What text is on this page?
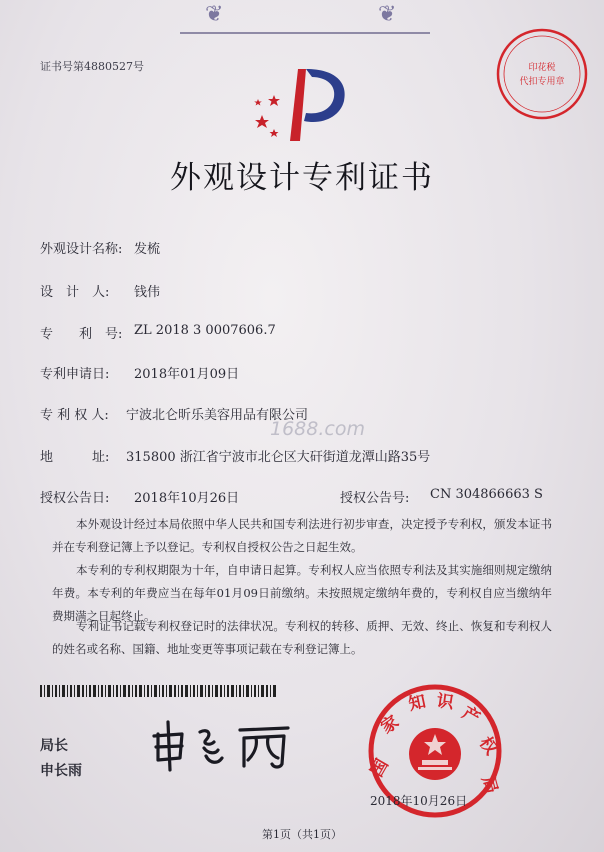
❦	❦
证书号第4880527号	印花税
代扣专用章
外观设计专利证书
外观设计名称: 发梳
设　计　人: 钱伟
专　　利　号: ZL 2018 3 0007606.7
专利申请日: 2018年01月09日
专 利 权 人: 宁波北仑昕乐美容用品有限公司
1688.com
地　　　址: 315800 浙江省宁波市北仑区大矸街道龙潭山路35号
授权公告日: 2018年10月26日	授权公告号: CN 304866663 S
本外观设计经过本局依照中华人民共和国专利法进行初步审查，决定授予专利权，颁发本证书并在专利登记簿上予以登记。专利权自授权公告之日起生效。
本专利的专利权期限为十年，自申请日起算。专利权人应当依照专利法及其实施细则规定缴纳年费。本专利的年费应当在每年01月09日前缴纳。未按照规定缴纳年费的，专利权自应当缴纳年费期满之日起终止。
专利证书记载专利权登记时的法律状况。专利权的转移、质押、无效、终止、恢复和专利权人的姓名或名称、国籍、地址变更等事项记载在专利登记簿上。
局长
申长雨	国
家
知 识
产
权
局
2018年10月26日
第1页（共1页）
